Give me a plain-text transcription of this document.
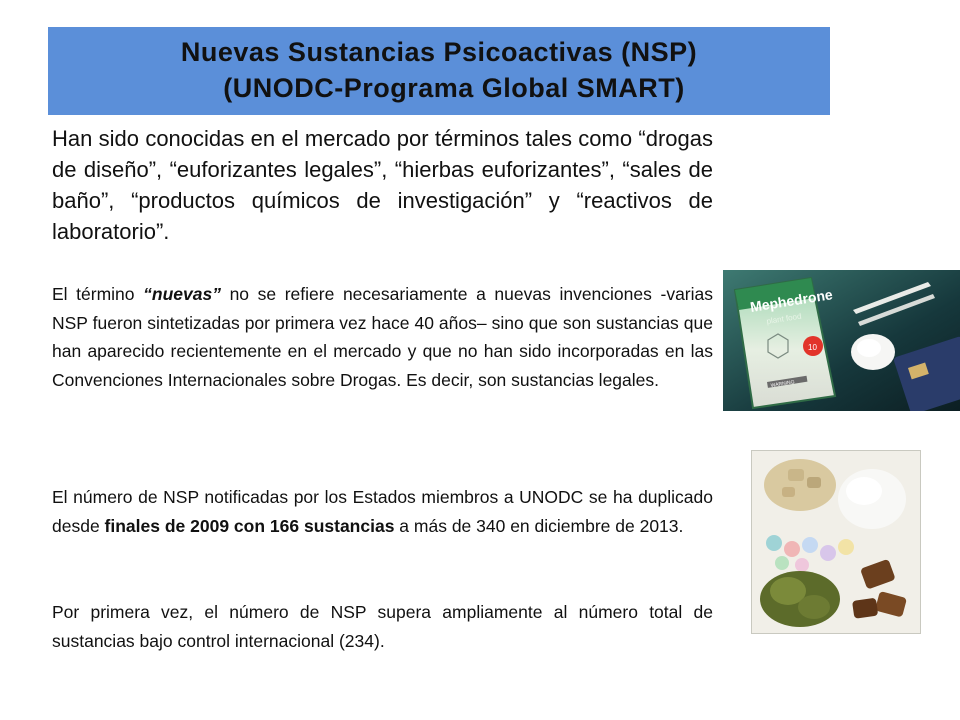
Nuevas Sustancias Psicoactivas (NSP)
(UNODC-Programa Global SMART)

Han sido conocidas en el mercado por términos tales como “drogas de diseño”, “euforizantes legales”, “hierbas euforizantes”, “sales de baño”, “productos químicos de investigación” y “reactivos de laboratorio”.

El término “nuevas” no se refiere necesariamente a nuevas invenciones -varias NSP fueron sintetizadas por primera vez hace 40 años– sino que son sustancias que han aparecido recientemente en el mercado y que no han sido incorporadas en las Convenciones Internacionales sobre Drogas. Es decir, son sustancias legales.

El número de NSP notificadas por los Estados miembros a UNODC se ha duplicado desde finales de 2009 con 166 sustancias a más de 340 en diciembre de 2013.

Por primera vez, el número de NSP supera ampliamente al número total de sustancias bajo control internacional (234).

Mephedrone
plant food
10
WARNING
